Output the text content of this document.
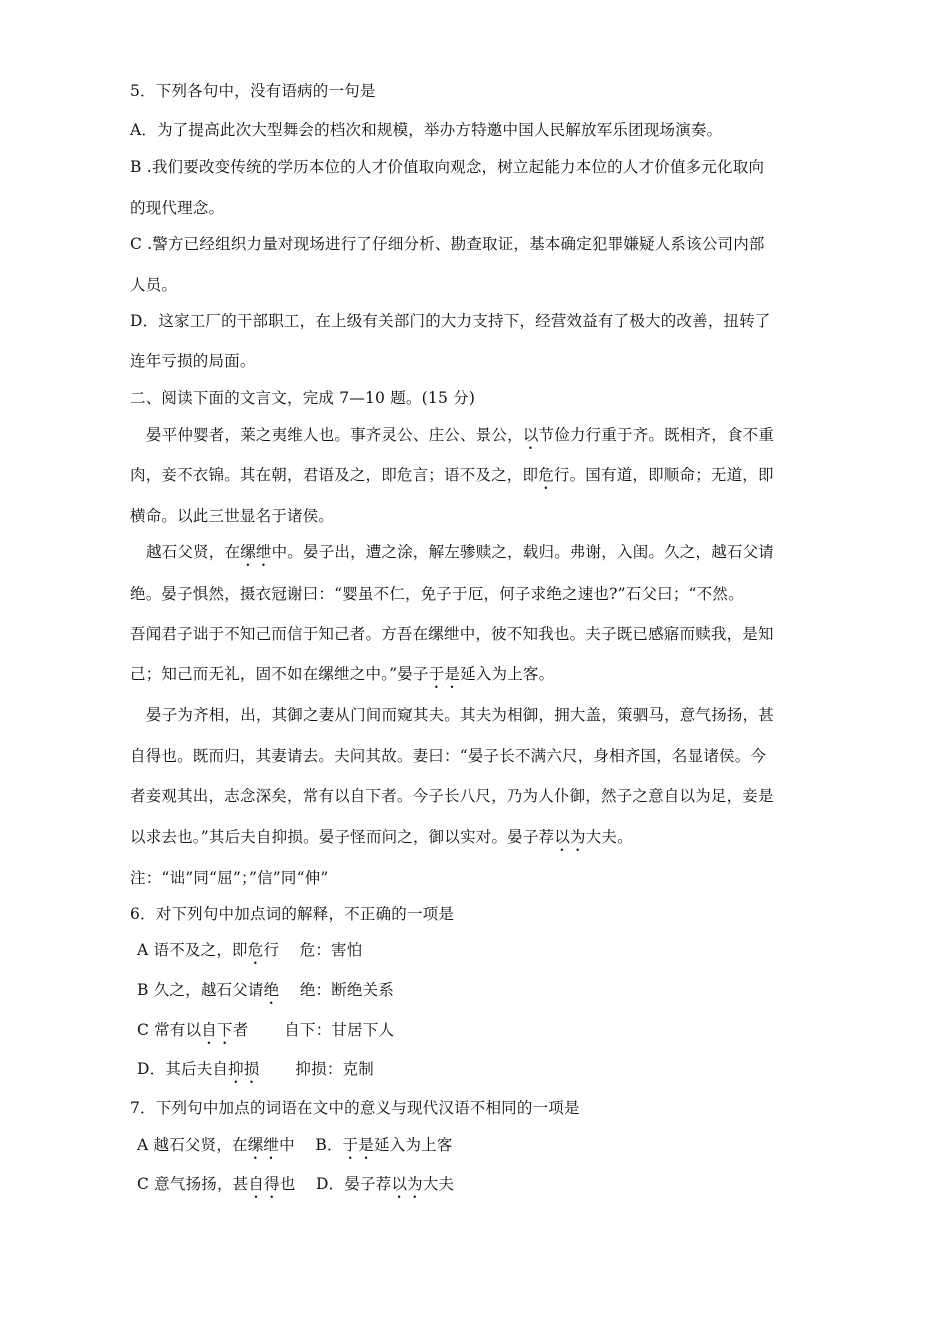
5．下列各句中，没有语病的一句是
A．为了提高此次大型舞会的档次和规模，举办方特邀中国人民解放军乐团现场演奏。
B .我们要改变传统的学历本位的人才价值取向观念，树立起能力本位的人才价值多元化取向
的现代理念。
C .警方已经组织力量对现场进行了仔细分析、勘查取证，基本确定犯罪嫌疑人系该公司内部
人员。
D．这家工厂的干部职工，在上级有关部门的大力支持下，经营效益有了极大的改善，扭转了
连年亏损的局面。
二、阅读下面的文言文，完成 7—10 题。(15 分)
晏平仲婴者，莱之夷维人也。事齐灵公、庄公、景公，以节俭力行重于齐。既相齐，食不重
肉，妾不衣锦。其在朝，君语及之，即危言；语不及之，即危行。国有道，即顺命；无道，即
横命。以此三世显名于诸侯。
越石父贤，在缧绁中。晏子出，遭之涂，解左骖赎之，载归。弗谢，入闺。久之，越石父请
绝。晏子惧然，摄衣冠谢曰：“婴虽不仁，免子于厄，何子求绝之速也?”石父曰；“不然。
吾闻君子诎于不知己而信于知己者。方吾在缧绁中，彼不知我也。夫子既已感寤而赎我，是知
己；知己而无礼，固不如在缧绁之中。”晏子于是延入为上客。
晏子为齐相，出，其御之妻从门间而窥其夫。其夫为相御，拥大盖，策驷马，意气扬扬，甚
自得也。既而归，其妻请去。夫问其故。妻曰：“晏子长不满六尺，身相齐国，名显诸侯。今
者妾观其出，志念深矣，常有以自下者。今子长八尺，乃为人仆御，然子之意自以为足，妾是
以求去也。”其后夫自抑损。晏子怪而问之，御以实对。晏子荐以为大夫。
注：“诎”同“屈”；”信”同“伸”
6．对下列句中加点词的解释，不正确的一项是
A 语不及之，即危行    危：害怕
B 久之，越石父请绝    绝：断绝关系
C 常有以自下者       自下：甘居下人
D．其后夫自抑损       抑损：克制
7．下列句中加点的词语在文中的意义与现代汉语不相同的一项是
A 越石父贤，在缧绁中    B．于是延入为上客
C 意气扬扬，甚自得也    D．晏子荐以为大夫
